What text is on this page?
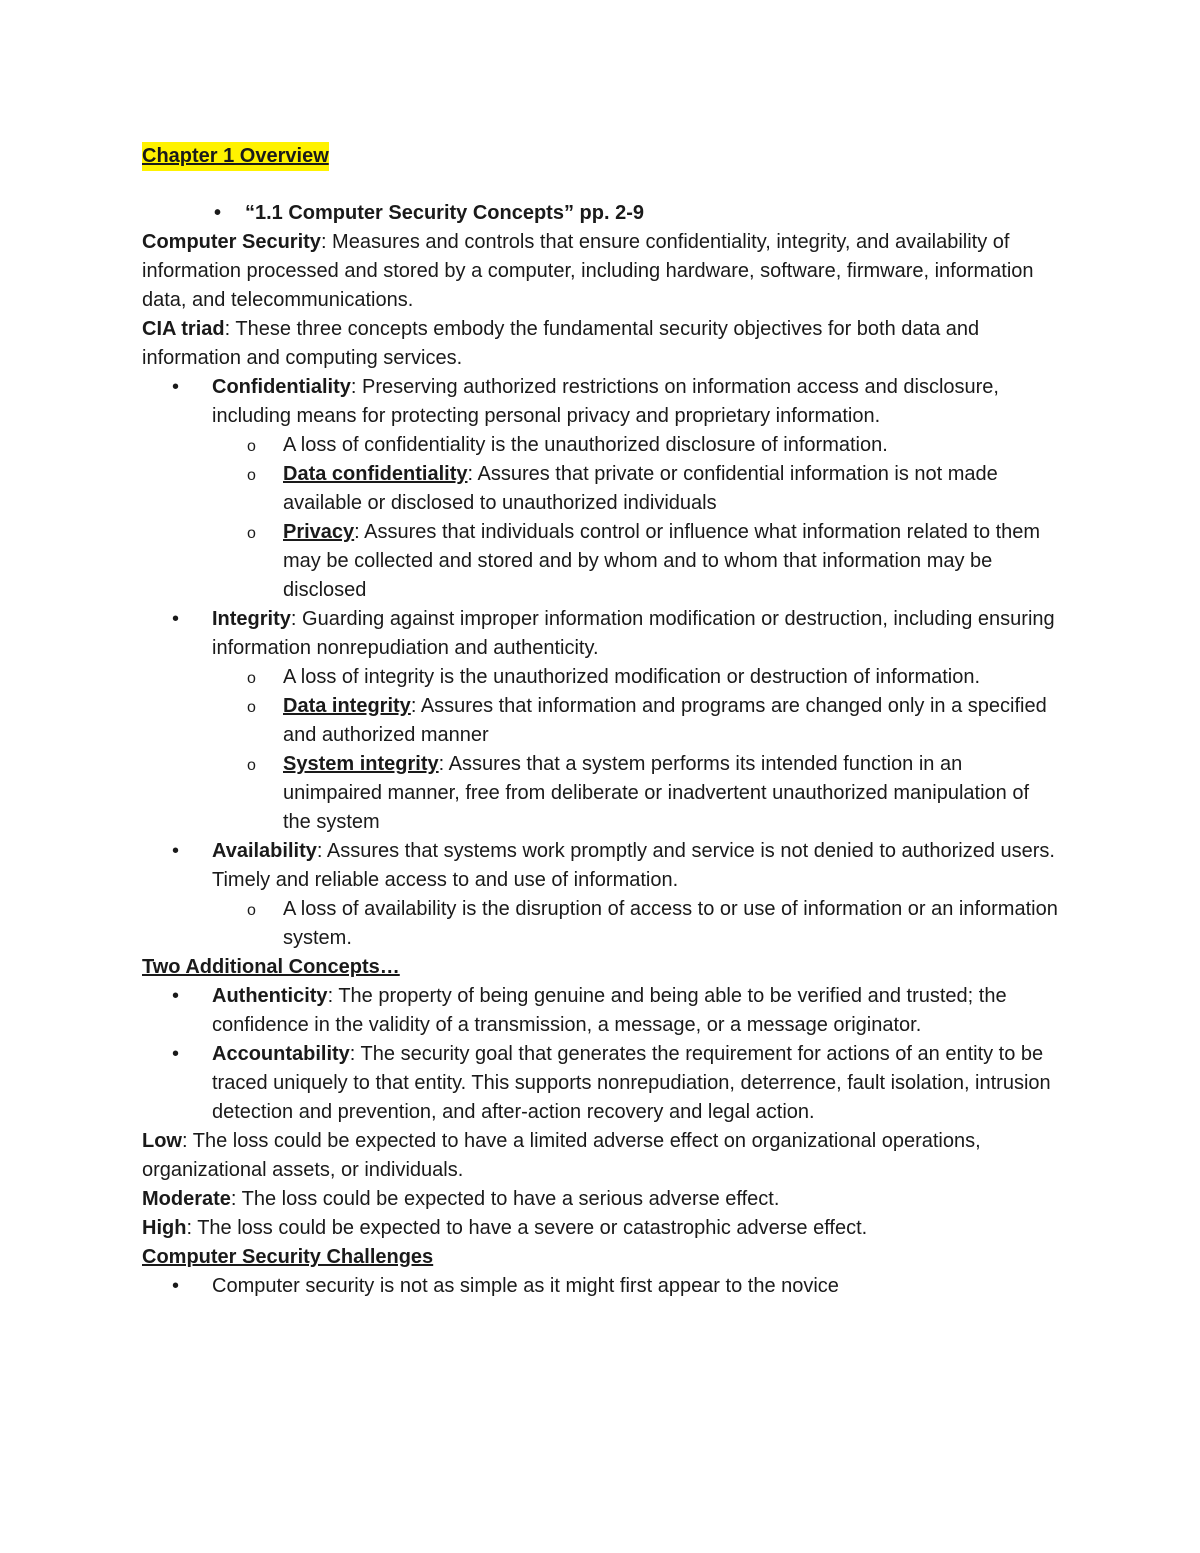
Chapter 1 Overview
• “1.1 Computer Security Concepts” pp. 2-9

Computer Security: Measures and controls that ensure confidentiality, integrity, and availability of information processed and stored by a computer, including hardware, software, firmware, information data, and telecommunications.

CIA triad: These three concepts embody the fundamental security objectives for both data and information and computing services.

• Confidentiality: Preserving authorized restrictions on information access and disclosure, including means for protecting personal privacy and proprietary information.
o A loss of confidentiality is the unauthorized disclosure of information.
o Data confidentiality: Assures that private or confidential information is not made available or disclosed to unauthorized individuals
o Privacy: Assures that individuals control or influence what information related to them may be collected and stored and by whom and to whom that information may be disclosed
• Integrity: Guarding against improper information modification or destruction, including ensuring information nonrepudiation and authenticity.
o A loss of integrity is the unauthorized modification or destruction of information.
o Data integrity: Assures that information and programs are changed only in a specified and authorized manner
o System integrity: Assures that a system performs its intended function in an unimpaired manner, free from deliberate or inadvertent unauthorized manipulation of the system
• Availability: Assures that systems work promptly and service is not denied to authorized users. Timely and reliable access to and use of information.
o A loss of availability is the disruption of access to or use of information or an information system.

Two Additional Concepts…

• Authenticity: The property of being genuine and being able to be verified and trusted; the confidence in the validity of a transmission, a message, or a message originator.
• Accountability: The security goal that generates the requirement for actions of an entity to be traced uniquely to that entity. This supports nonrepudiation, deterrence, fault isolation, intrusion detection and prevention, and after-action recovery and legal action.

Low: The loss could be expected to have a limited adverse effect on organizational operations, organizational assets, or individuals.

Moderate: The loss could be expected to have a serious adverse effect.

High: The loss could be expected to have a severe or catastrophic adverse effect.

Computer Security Challenges

• Computer security is not as simple as it might first appear to the novice
